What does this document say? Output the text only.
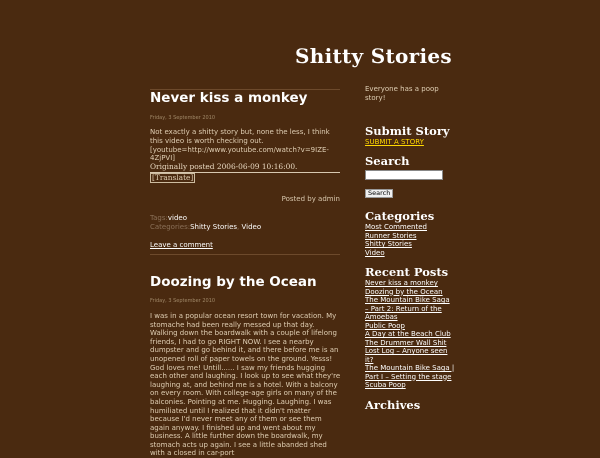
Shitty Stories
Never kiss a monkey
Friday, 3 September 2010

Not exactly a shitty story but, none the less, I think this video is worth checking out.

[youtube=http://www.youtube.com/watch?v=9IZE-4ZjPVI]

Originally posted 2006-06-09 10:16:00.
[Translate]
Posted by admin
Tags:video
Categories:Shitty Stories, Video
Leave a comment
Doozing by the Ocean
Friday, 3 September 2010

I was in a popular ocean resort town for vacation. My stomache had been really messed up that day. Walking down the boardwalk with a couple of lifelong friends, I had to go RIGHT NOW. I see a nearby dumpster and go behind it, and there before me is an unopened roll of paper towels on the ground. Yesss! God loves me! Untill...... I saw my friends hugging each other and laughing. I look up to see what they're laughing at, and behind me is a hotel. With a balcony on every room. With college-age girls on many of the balconies. Pointing at me. Hugging. Laughing. I was humiliated until I realized that it didn't matter because I'd never meet any of them or see them again anyway. I finished up and went about my business. A little further down the boardwalk, my stomach acts up again. I see a little abanded shed with a closed in car-port

Everyone has a poop story!

Submit Story
SUBMIT A STORY
Search
Search
Categories
Most Commented
Runner Stories
Shitty Stories
Video
Recent Posts
Never kiss a monkey
Doozing by the Ocean
The Mountain Bike Saga – Part 2: Return of the Amoebas
Public Poop
A Day at the Beach Club
The Drummer Wall Shit
Lost Log – Anyone seen it?
The Mountain Bike Saga | Part I – Setting the stage
Scuba Poop
Archives
